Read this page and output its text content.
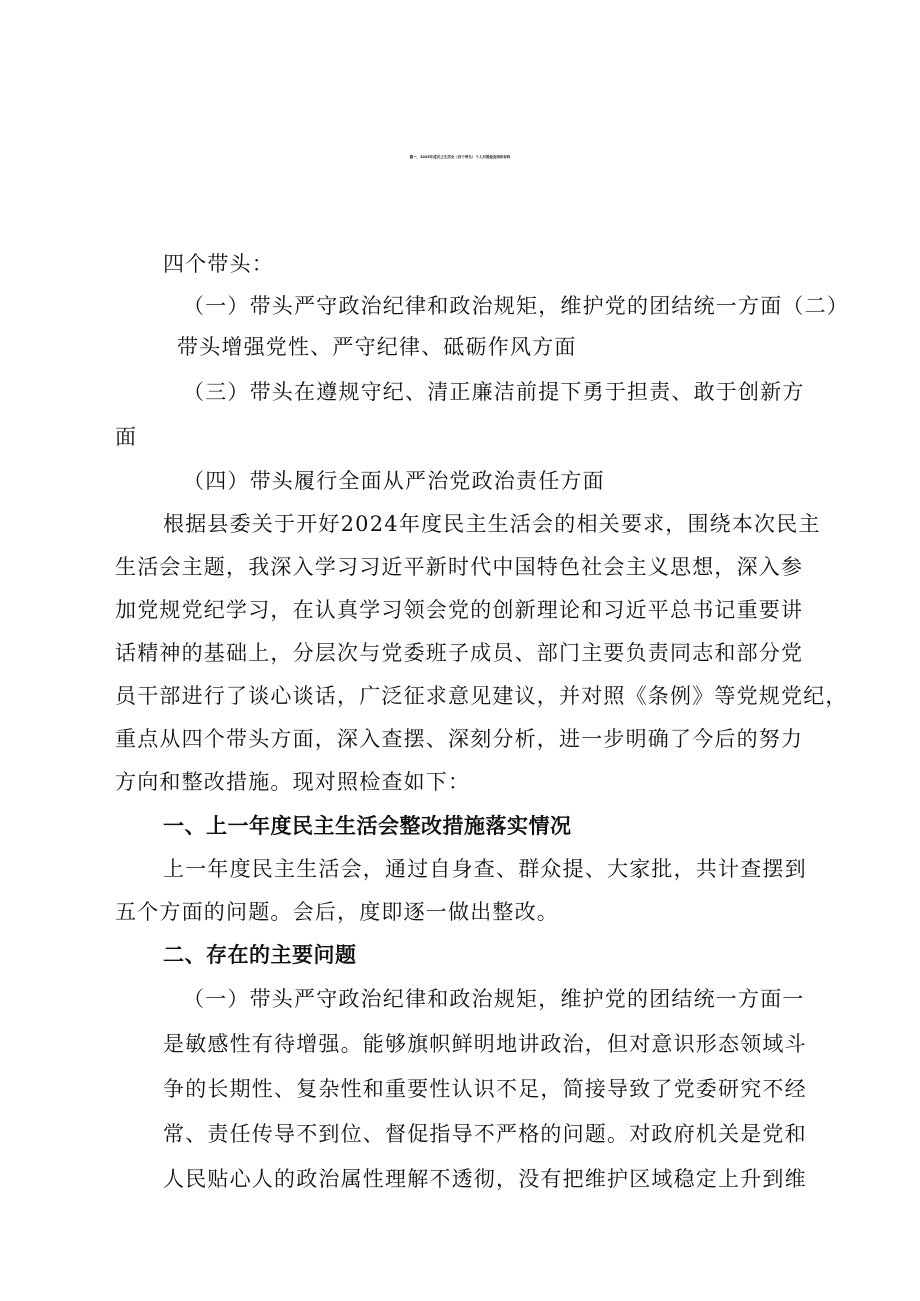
篇一、2025年度民主生活会（四个带头）个人对照检查剖析材料
四个带头：
（一）带头严守政治纪律和政治规矩，维护党的团结统一方面（二）
带头增强党性、严守纪律、砥砺作风方面
（三）带头在遵规守纪、清正廉洁前提下勇于担责、敢于创新方
面
（四）带头履行全面从严治党政治责任方面
根据县委关于开好2024年度民主生活会的相关要求，围绕本次民主
生活会主题，我深入学习习近平新时代中国特色社会主义思想，深入参
加党规党纪学习，在认真学习领会党的创新理论和习近平总书记重要讲
话精神的基础上，分层次与党委班子成员、部门主要负责同志和部分党
员干部进行了谈心谈话，广泛征求意见建议，并对照《条例》等党规党纪，
重点从四个带头方面，深入查摆、深刻分析，进一步明确了今后的努力
方向和整改措施。现对照检查如下：
一、上一年度民主生活会整改措施落实情况
上一年度民主生活会，通过自身查、群众提、大家批，共计查摆到
五个方面的问题。会后，度即逐一做出整改。
二、存在的主要问题
（一）带头严守政治纪律和政治规矩，维护党的团结统一方面一
是敏感性有待增强。能够旗帜鲜明地讲政治，但对意识形态领域斗
争的长期性、复杂性和重要性认识不足，简接导致了党委研究不经
常、责任传导不到位、督促指导不严格的问题。对政府机关是党和
人民贴心人的政治属性理解不透彻，没有把维护区域稳定上升到维
